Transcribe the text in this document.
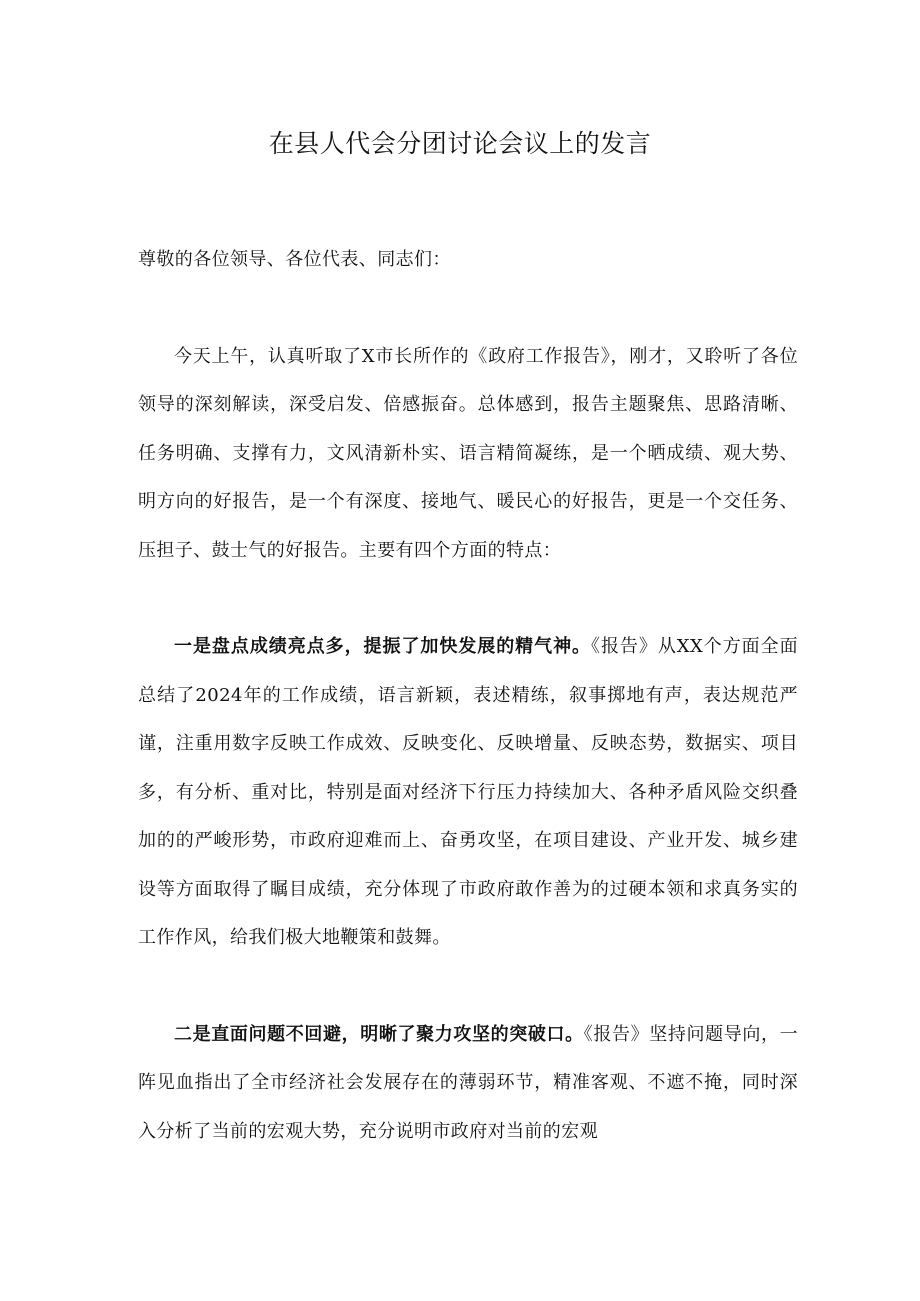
在县人代会分团讨论会议上的发言
尊敬的各位领导、各位代表、同志们：

今天上午，认真听取了X市长所作的《政府工作报告》，刚才，又聆听了各位领导的深刻解读，深受启发、倍感振奋。总体感到，报告主题聚焦、思路清晰、任务明确、支撑有力，文风清新朴实、语言精简凝练，是一个晒成绩、观大势、明方向的好报告，是一个有深度、接地气、暖民心的好报告，更是一个交任务、压担子、鼓士气的好报告。主要有四个方面的特点：

一是盘点成绩亮点多，提振了加快发展的精气神。《报告》从XX个方面全面总结了2024年的工作成绩，语言新颖，表述精练，叙事掷地有声，表达规范严谨，注重用数字反映工作成效、反映变化、反映增量、反映态势，数据实、项目多，有分析、重对比，特别是面对经济下行压力持续加大、各种矛盾风险交织叠加的的严峻形势，市政府迎难而上、奋勇攻坚，在项目建设、产业开发、城乡建设等方面取得了瞩目成绩，充分体现了市政府敢作善为的过硬本领和求真务实的工作作风，给我们极大地鞭策和鼓舞。

二是直面问题不回避，明晰了聚力攻坚的突破口。《报告》坚持问题导向，一阵见血指出了全市经济社会发展存在的薄弱环节，精准客观、不遮不掩，同时深入分析了当前的宏观大势，充分说明市政府对当前的宏观
